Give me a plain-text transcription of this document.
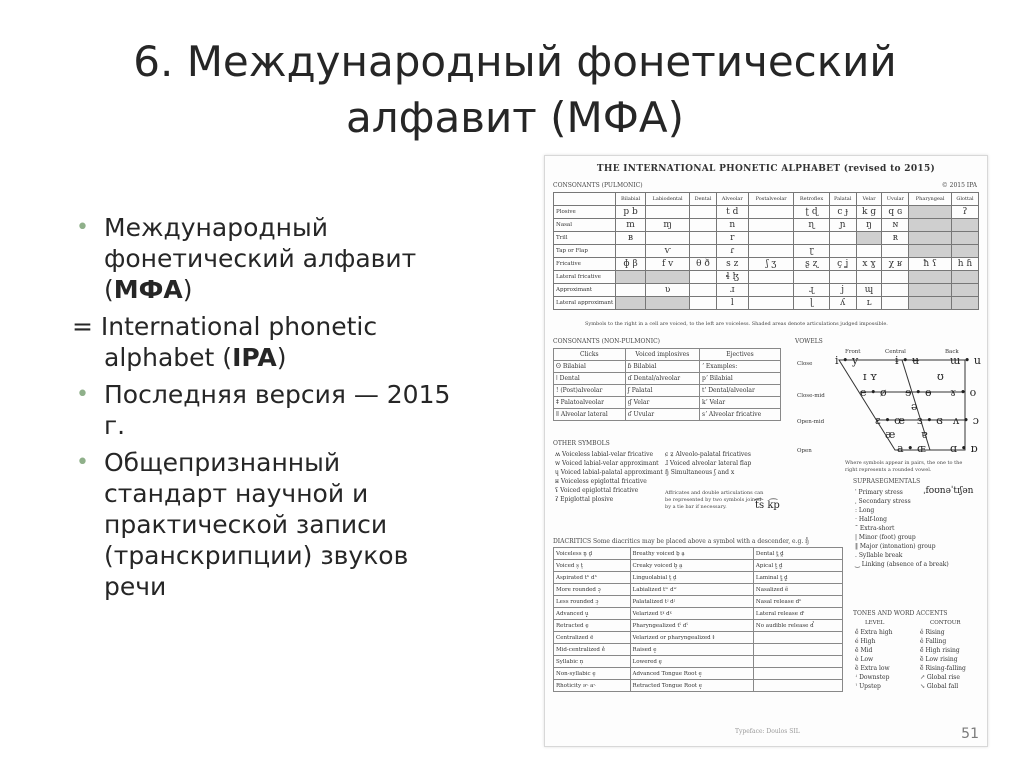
6. Международный фонетический
алфавит (МФА)
• Международный
фонетический алфавит
(МФА)
= International phonetic
alphabet (IPA)
• Последняя версия — 2015
г.
• Общепризнанный
стандарт научной и
практической записи
(транскрипции) звуков
речи
THE INTERNATIONAL PHONETIC ALPHABET (revised to 2015)
CONSONANTS (PULMONIC)	© 2015 IPA
	Bilabial	Labiodental	Dental	Alveolar	Postalveolar	Retroflex	Palatal	Velar	Uvular	Pharyngeal	Glottal
Plosive	p b			t d		ʈ ɖ	c ɟ	k ɡ	q ɢ		ʔ
Nasal	m	ɱ		n		ɳ	ɲ	ŋ	ɴ		
Trill	ʙ			r					ʀ		
Tap or Flap		ⱱ		ɾ		ɽ					
Fricative	ɸ β	f v	θ ð	s z	ʃ ʒ	ʂ ʐ	ç ʝ	x ɣ	χ ʁ	ħ ʕ	h ɦ
Lateral fricative				ɬ ɮ							
Approximant		ʋ		ɹ		ɻ	j	ɰ			
Lateral approximant				l		ɭ	ʎ	ʟ			
Symbols to the right in a cell are voiced, to the left are voiceless. Shaded areas denote articulations judged impossible.
CONSONANTS (NON-PULMONIC)
Clicks	Voiced implosives	Ejectives
ʘ Bilabial	ɓ Bilabial	ʼ Examples:
ǀ Dental	ɗ Dental/alveolar	pʼ Bilabial
! (Post)alveolar	ʄ Palatal	tʼ Dental/alveolar
ǂ Palatoalveolar	ɠ Velar	kʼ Velar
ǁ Alveolar lateral	ʛ Uvular	sʼ Alveolar fricative
VOWELS
Front	Central	Back
Close
Close-mid
Open-mid
Open
i • y	ɨ • ʉ	ɯ • u
ɪ ʏ	ʊ
e • ø ɘ • ɵ ɤ • o
ə
ɛ • œ ɜ • ɞ ʌ • ɔ
æ ɐ
a • ɶ ɑ • ɒ
Where symbols appear in pairs, the one to the right represents a rounded vowel.
OTHER SYMBOLS
ʍ Voiceless labial-velar fricative
w Voiced labial-velar approximant
ɥ Voiced labial-palatal approximant
ʜ Voiceless epiglottal fricative
ʢ Voiced epiglottal fricative
ʡ Epiglottal plosive
ɕ ʑ Alveolo-palatal fricatives
ɺ Voiced alveolar lateral flap
ɧ Simultaneous ʃ and x
Affricates and double articulations can be represented by two symbols joined by a tie bar if necessary.	t͡s k͡p
SUPRASEGMENTALS
ˈ Primary stress
ˌ Secondary stress
ː Long
ˑ Half-long
˘ Extra-short
| Minor (foot) group
‖ Major (intonation) group
. Syllable break
‿ Linking (absence of a break)
ˌfoʊnəˈtɪʃən
DIACRITICS Some diacritics may be placed above a symbol with a descender, e.g. ŋ̊
Voiceless n̥ d̥	Breathy voiced b̤ a̤	Dental t̪ d̪
Voiced s̬ t̬	Creaky voiced b̰ a̰	Apical t̺ d̺
Aspirated tʰ dʰ	Linguolabial t̼ d̼	Laminal t̻ d̻
More rounded ɔ̹	Labialized tʷ dʷ	Nasalized ẽ
Less rounded ɔ̜	Palatalized tʲ dʲ	Nasal release dⁿ
Advanced u̟	Velarized tˠ dˠ	Lateral release dˡ
Retracted e̠	Pharyngealized tˤ dˤ	No audible release d̚
Centralized ë	Velarized or pharyngealized ɫ	
Mid-centralized e̽	Raised e̝	
Syllabic n̩	Lowered e̞	
Non-syllabic e̯	Advanced Tongue Root e̘	
Rhoticity ə˞ a˞	Retracted Tongue Root e̙	
TONES AND WORD ACCENTS
LEVEL	CONTOUR
e̋ Extra high
é High
ē Mid
è Low
ȅ Extra low
ꜜ Downstep
ꜛ Upstep
ě Rising
ê Falling
e᷄ High rising
e᷅ Low rising
e᷈ Rising-falling
↗ Global rise
↘ Global fall
Typeface: Doulos SIL	51
